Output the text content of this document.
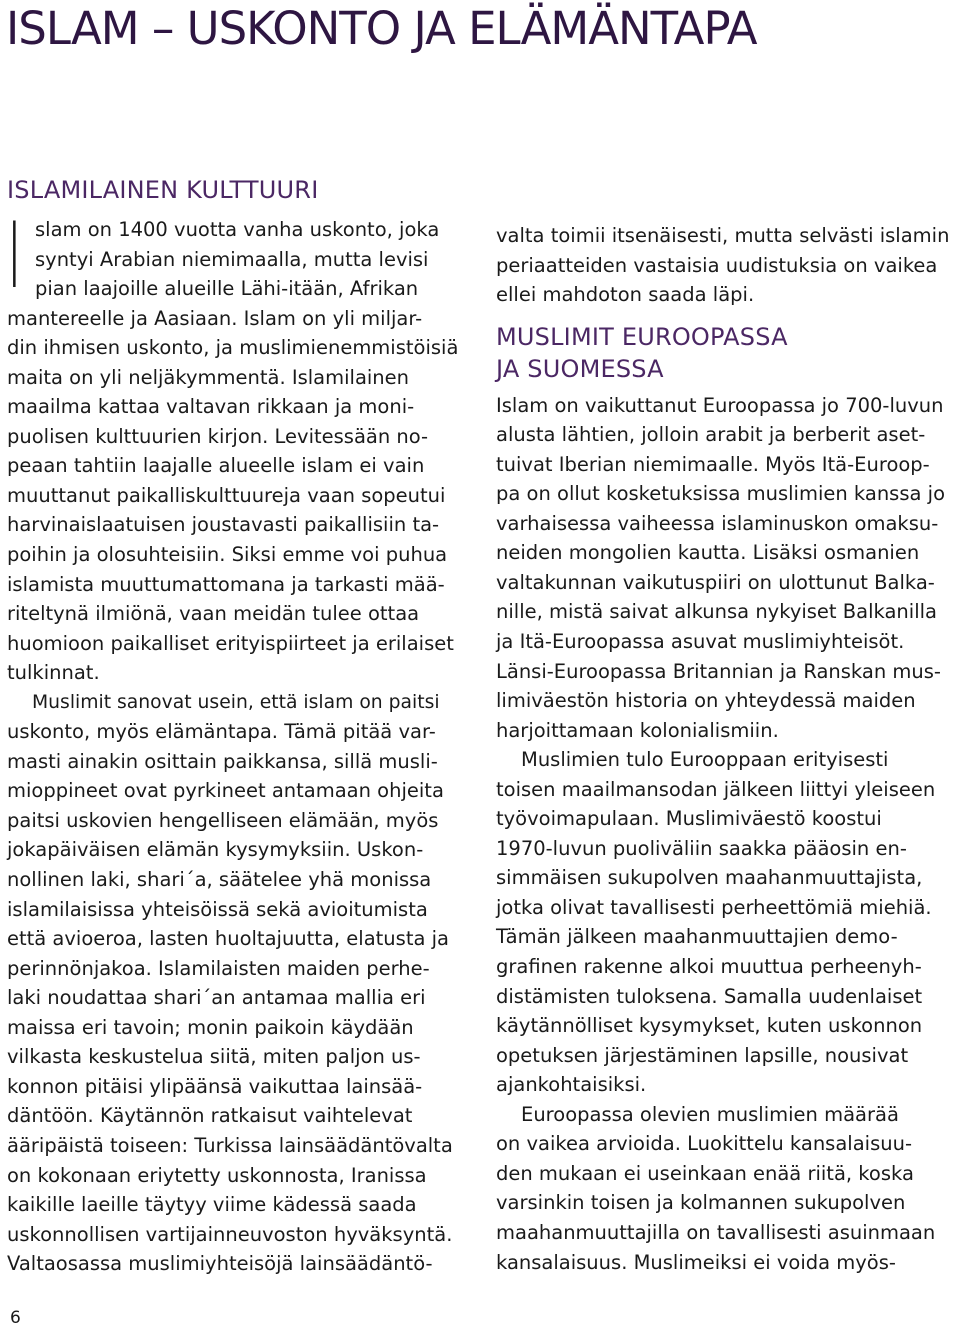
ISLAM – USKONTO JA ELÄMÄNTAPA
ISLAMILAINEN KULTTUURI
I slam on 1400 vuotta vanha uskonto, joka
syntyi Arabian niemimaalla, mutta levisi
pian laajoille alueille Lähi-itään, Afrikan
mantereelle ja Aasiaan. Islam on yli miljar-
din ihmisen uskonto, ja muslimienemmistöisiä
maita on yli neljäkymmentä. Islamilainen
maailma kattaa valtavan rikkaan ja moni-
puolisen kulttuurien kirjon. Levitessään no-
peaan tahtiin laajalle alueelle islam ei vain
muuttanut paikalliskulttuureja vaan sopeutui
harvinaislaatuisen joustavasti paikallisiin ta-
poihin ja olosuhteisiin. Siksi emme voi puhua
islamista muuttumattomana ja tarkasti mää-
riteltynä ilmiönä, vaan meidän tulee ottaa
huomioon paikalliset erityispiirteet ja erilaiset
tulkinnat.
Muslimit sanovat usein, että islam on paitsi
uskonto, myös elämäntapa. Tämä pitää var-
masti ainakin osittain paikkansa, sillä musli-
mioppineet ovat pyrkineet antamaan ohjeita
paitsi uskovien hengelliseen elämään, myös
jokapäiväisen elämän kysymyksiin. Uskon-
nollinen laki, shari´a, säätelee yhä monissa
islamilaisissa yhteisöissä sekä avioitumista
että avioeroa, lasten huoltajuutta, elatusta ja
perinnönjakoa. Islamilaisten maiden perhe-
laki noudattaa shari´an antamaa mallia eri
maissa eri tavoin; monin paikoin käydään
vilkasta keskustelua siitä, miten paljon us-
konnon pitäisi ylipäänsä vaikuttaa lainsää-
däntöön. Käytännön ratkaisut vaihtelevat
ääripäistä toiseen: Turkissa lainsäädäntövalta
on kokonaan eriytetty uskonnosta, Iranissa
kaikille laeille täytyy viime kädessä saada
uskonnollisen vartijainneuvoston hyväksyntä.
Valtaosassa muslimiyhteisöjä lainsäädäntö-
valta toimii itsenäisesti, mutta selvästi islamin
periaatteiden vastaisia uudistuksia on vaikea
ellei mahdoton saada läpi.
MUSLIMIT EUROOPASSA
JA SUOMESSA
Islam on vaikuttanut Euroopassa jo 700-luvun
alusta lähtien, jolloin arabit ja berberit aset-
tuivat Iberian niemimaalle. Myös Itä-Euroop-
pa on ollut kosketuksissa muslimien kanssa jo
varhaisessa vaiheessa islaminuskon omaksu-
neiden mongolien kautta. Lisäksi osmanien
valtakunnan vaikutuspiiri on ulottunut Balka-
nille, mistä saivat alkunsa nykyiset Balkanilla
ja Itä-Euroopassa asuvat muslimiyhteisöt.
Länsi-Euroopassa Britannian ja Ranskan mus-
limiväestön historia on yhteydessä maiden
harjoittamaan kolonialismiin.
Muslimien tulo Eurooppaan erityisesti
toisen maailmansodan jälkeen liittyi yleiseen
työvoimapulaan. Muslimiväestö koostui
1970-luvun puoliväliin saakka pääosin en-
simmäisen sukupolven maahanmuuttajista,
jotka olivat tavallisesti perheettömiä miehiä.
Tämän jälkeen maahanmuuttajien demo-
grafinen rakenne alkoi muuttua perheenyh-
distämisten tuloksena. Samalla uudenlaiset
käytännölliset kysymykset, kuten uskonnon
opetuksen järjestäminen lapsille, nousivat
ajankohtaisiksi.
Euroopassa olevien muslimien määrää
on vaikea arvioida. Luokittelu kansalaisuu-
den mukaan ei useinkaan enää riitä, koska
varsinkin toisen ja kolmannen sukupolven
maahanmuuttajilla on tavallisesti asuinmaan
kansalaisuus. Muslimeiksi ei voida myös-
6
